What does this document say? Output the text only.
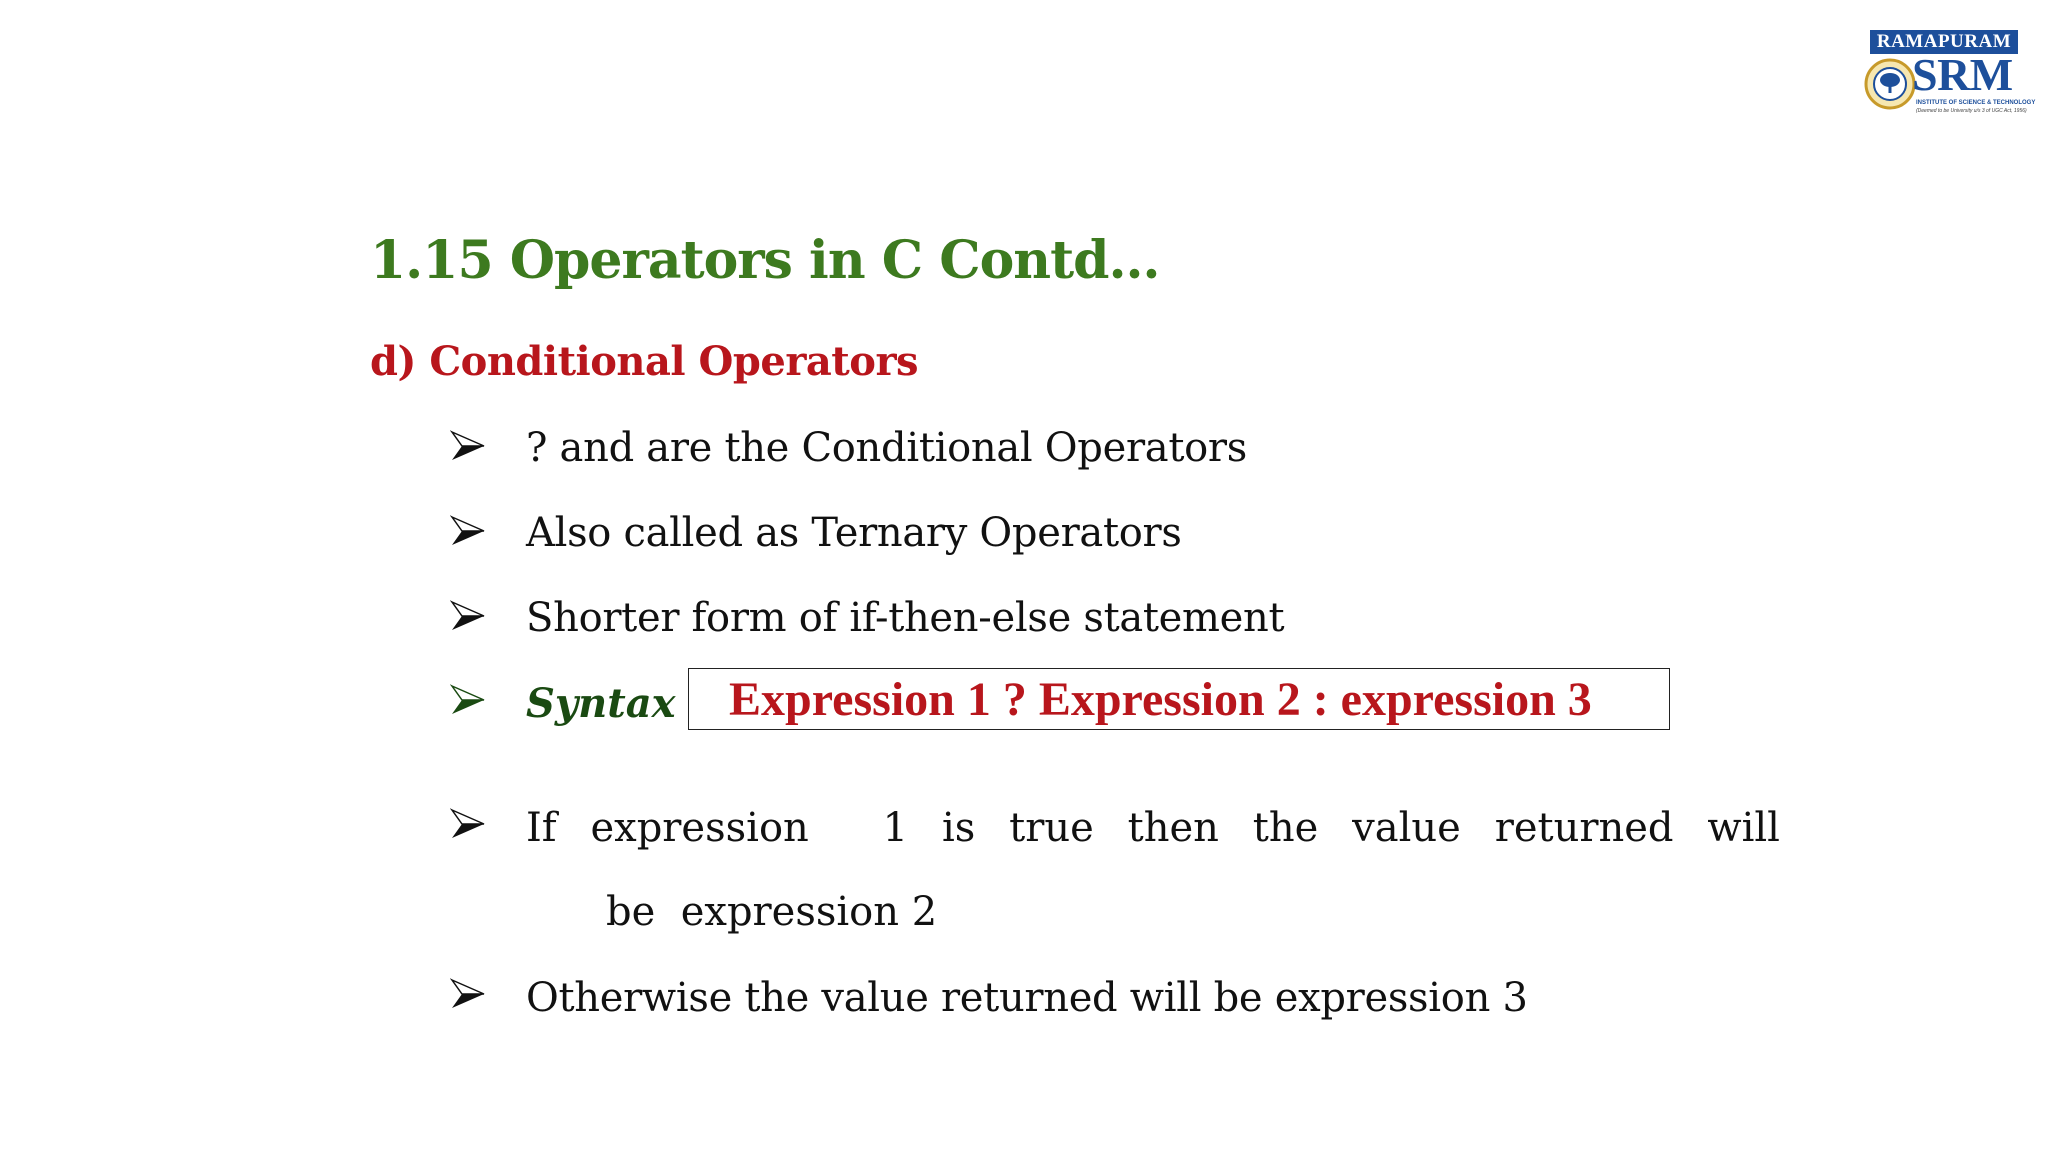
RAMAPURAM
SRM
INSTITUTE OF SCIENCE & TECHNOLOGY
(Deemed to be University u/s 3 of UGC Act, 1956)
1.15 Operators in C Contd…
d) Conditional Operators
? and are the Conditional Operators
Also called as Ternary Operators
Shorter form of if-then-else statement
Syntax Expression 1 ? Expression 2 : expression 3
If expression 1 is true then the value returned will
be  expression 2
Otherwise the value returned will be expression 3
